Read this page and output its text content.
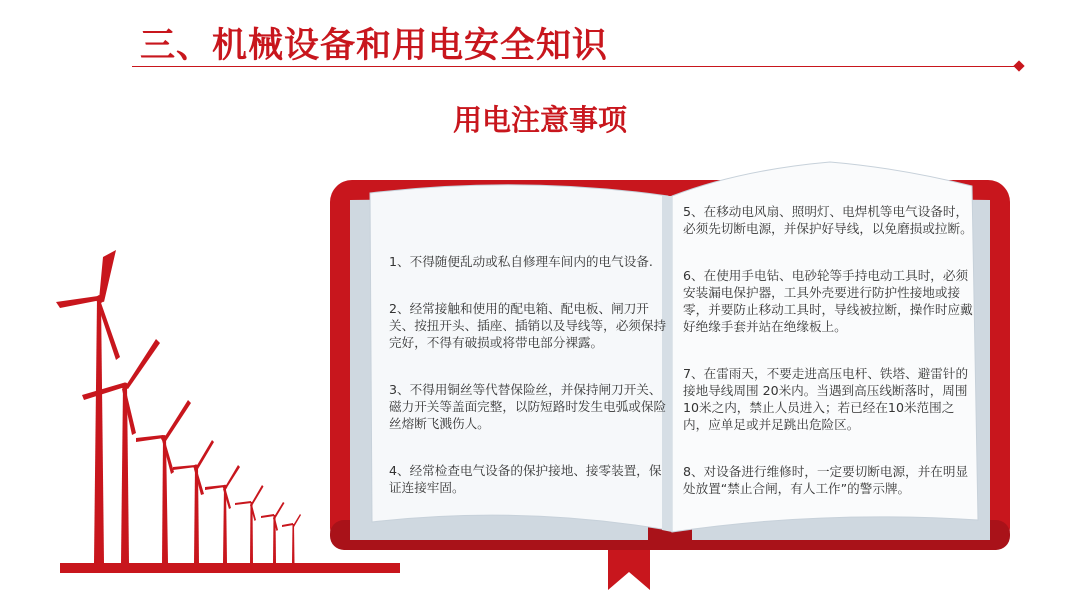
三、机械设备和用电安全知识
用电注意事项

1、不得随便乱动或私自修理车间内的电气设备.

2、经常接触和使用的配电箱、配电板、闸刀开关、按扭开头、插座、插销以及导线等，必须保持完好，不得有破损或将带电部分裸露。

3、不得用铜丝等代替保险丝，并保持闸刀开关、磁力开关等盖面完整，以防短路时发生电弧或保险丝熔断飞溅伤人。

4、经常检查电气设备的保护接地、接零装置，保证连接牢固。

5、在移动电风扇、照明灯、电焊机等电气设备时，必须先切断电源，并保护好导线，以免磨损或拉断。

6、在使用手电钻、电砂轮等手持电动工具时，必须安装漏电保护器，工具外壳要进行防护性接地或接零，并要防止移动工具时，导线被拉断，操作时应戴好绝缘手套并站在绝缘板上。

7、在雷雨天，不要走进高压电杆、铁塔、避雷针的接地导线周围 20米内。当遇到高压线断落时，周围10米之内，禁止人员进入；若已经在10米范围之内，应单足或并足跳出危险区。

8、对设备进行维修时，一定要切断电源，并在明显处放置“禁止合闸，有人工作”的警示牌。
